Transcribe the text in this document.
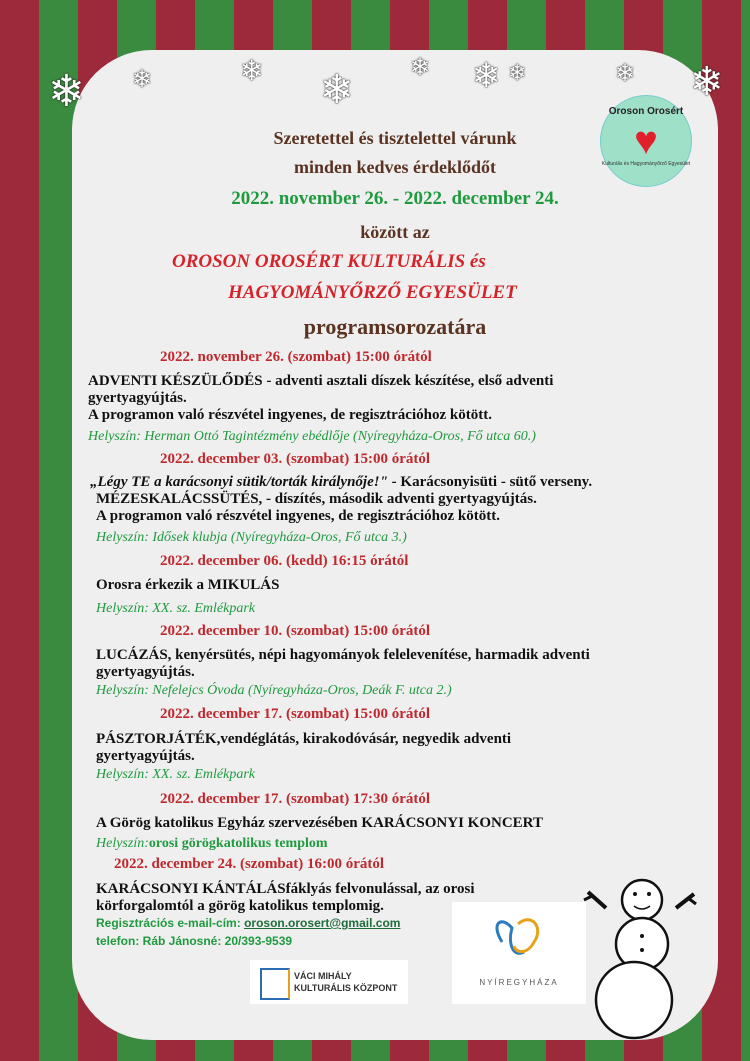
❄ ❄	❄ ❄ ❄ ❄ ❄	❄ ❄
Oroson Orosért
♥
Kulturális és Hagyományőrző Egyesület
Szeretettel és tisztelettel várunk
minden kedves érdeklődőt
2022. november 26. - 2022. december 24.
között az
OROSON OROSÉRT KULTURÁLIS és
HAGYOMÁNYŐRZŐ EGYESÜLET
programsorozatára
2022. november 26. (szombat) 15:00 órától
ADVENTI KÉSZÜLŐDÉS - adventi asztali díszek készítése, első adventi
gyertyagyújtás.
A programon való részvétel ingyenes, de regisztrációhoz kötött.
Helyszín: Herman Ottó Tagintézmény ebédlője (Nyíregyháza-Oros, Fő utca 60.)
2022. december 03. (szombat) 15:00 órától
„Légy TE a karácsonyi sütik/torták királynője!" - Karácsonyisüti - sütő verseny.
MÉZESKALÁCSSÜTÉS, - díszítés, második adventi gyertyagyújtás.
A programon való részvétel ingyenes, de regisztrációhoz kötött.
Helyszín: Idősek klubja (Nyíregyháza-Oros, Fő utca 3.)
2022. december 06. (kedd) 16:15 órától
Orosra érkezik a MIKULÁS
Helyszín: XX. sz. Emlékpark
2022. december 10. (szombat) 15:00 órától
LUCÁZÁS, kenyérsütés, népi hagyományok felelevenítése, harmadik adventi
gyertyagyújtás.
Helyszín: Nefelejcs Óvoda (Nyíregyháza-Oros, Deák F. utca 2.)
2022. december 17. (szombat) 15:00 órától
PÁSZTORJÁTÉK,vendéglátás, kirakodóvásár, negyedik adventi
gyertyagyújtás.
Helyszín: XX. sz. Emlékpark
2022. december 17. (szombat) 17:30 órától
A Görög katolikus Egyház szervezésében KARÁCSONYI KONCERT
Helyszín:orosi görögkatolikus templom
2022. december 24. (szombat) 16:00 órától
KARÁCSONYI KÁNTÁLÁSfáklyás felvonulással, az orosi
körforgalomtól a görög katolikus templomig.
Regisztrációs e-mail-cím: oroson.orosert@gmail.com
telefon: Ráb Jánosné: 20/393-9539
VÁCI MIHÁLY
KULTURÁLIS KÖZPONT
NYÍREGYHÁZA
